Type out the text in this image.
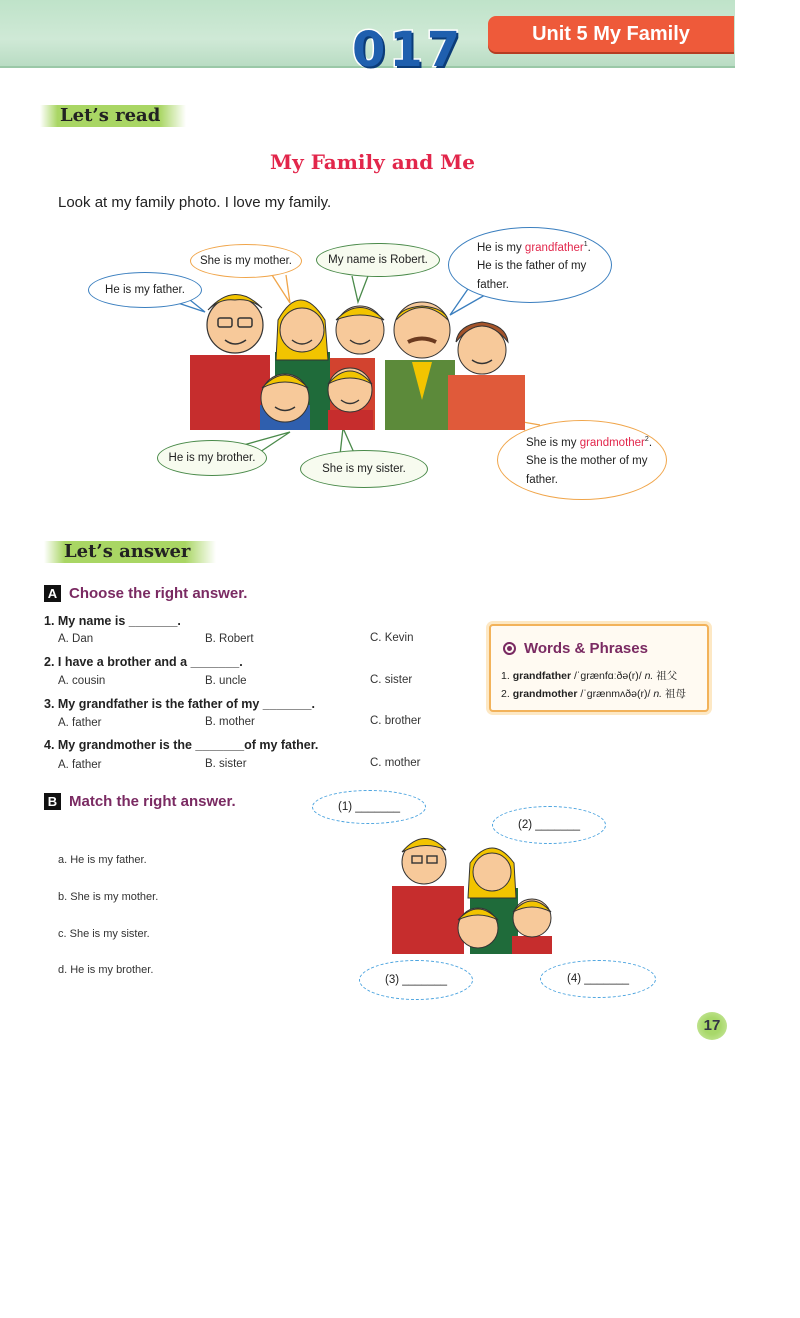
017	Unit 5 My Family
Let’s read
My Family and Me
Look at my family photo. I love my family.
He is my father.
She is my mother.	My name is Robert.
He is my grandfather$^1$.
He is the father of my
father.
He is my brother.
She is my sister.
She is my grandmother$^2$.
She is the mother of my
father.
Let’s answer
A Choose the right answer.
1. My name is _______.
A. Dan	B. Robert	C. Kevin
2. I have a brother and a _______.
A. cousin	B. uncle	C. sister
3. My grandfather is the father of my _______.
A. father	B. mother	C. brother
4. My grandmother is the _______of my father.
A. father	B. sister	C. mother
Words & Phrases
1. grandfather /ˈɡrænfɑːðə(r)/ n. 祖父
2. grandmother /ˈɡrænmʌðə(r)/ n. 祖母
B Match the right answer.
a. He is my father.
b. She is my mother.
c. She is my sister.
d. He is my brother.
(1) _______
(2) _______
(3) _______	(4) _______
17
